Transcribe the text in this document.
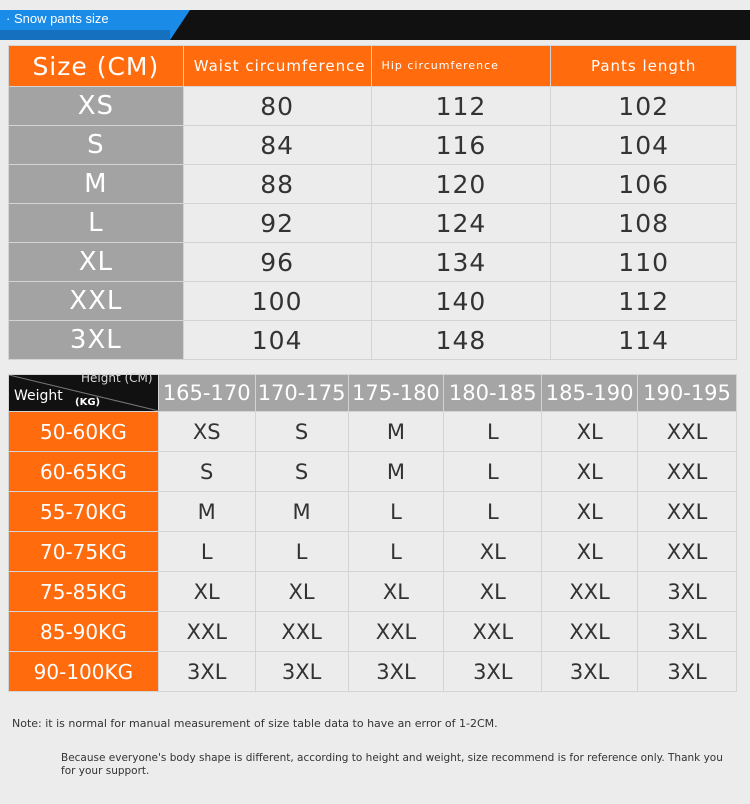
· Snow pants size
Size (CM)	Waist circumference	Hip circumference	Pants length
XS	80	112	102
S	84	116	104
M	88	120	106
L	92	124	108
XL	96	134	110
XXL	100	140	112
3XL	104	148	114
Height (CM)
Weight (KG)	165-170	170-175	175-180	180-185	185-190	190-195
50-60KG	XS	S	M	L	XL	XXL
60-65KG	S	S	M	L	XL	XXL
55-70KG	M	M	L	L	XL	XXL
70-75KG	L	L	L	XL	XL	XXL
75-85KG	XL	XL	XL	XL	XXL	3XL
85-90KG	XXL	XXL	XXL	XXL	XXL	3XL
90-100KG	3XL	3XL	3XL	3XL	3XL	3XL
Note: it is normal for manual measurement of size table data to have an error of 1-2CM.
Because everyone's body shape is different, according to height and weight, size recommend is for reference only. Thank you for your support.
